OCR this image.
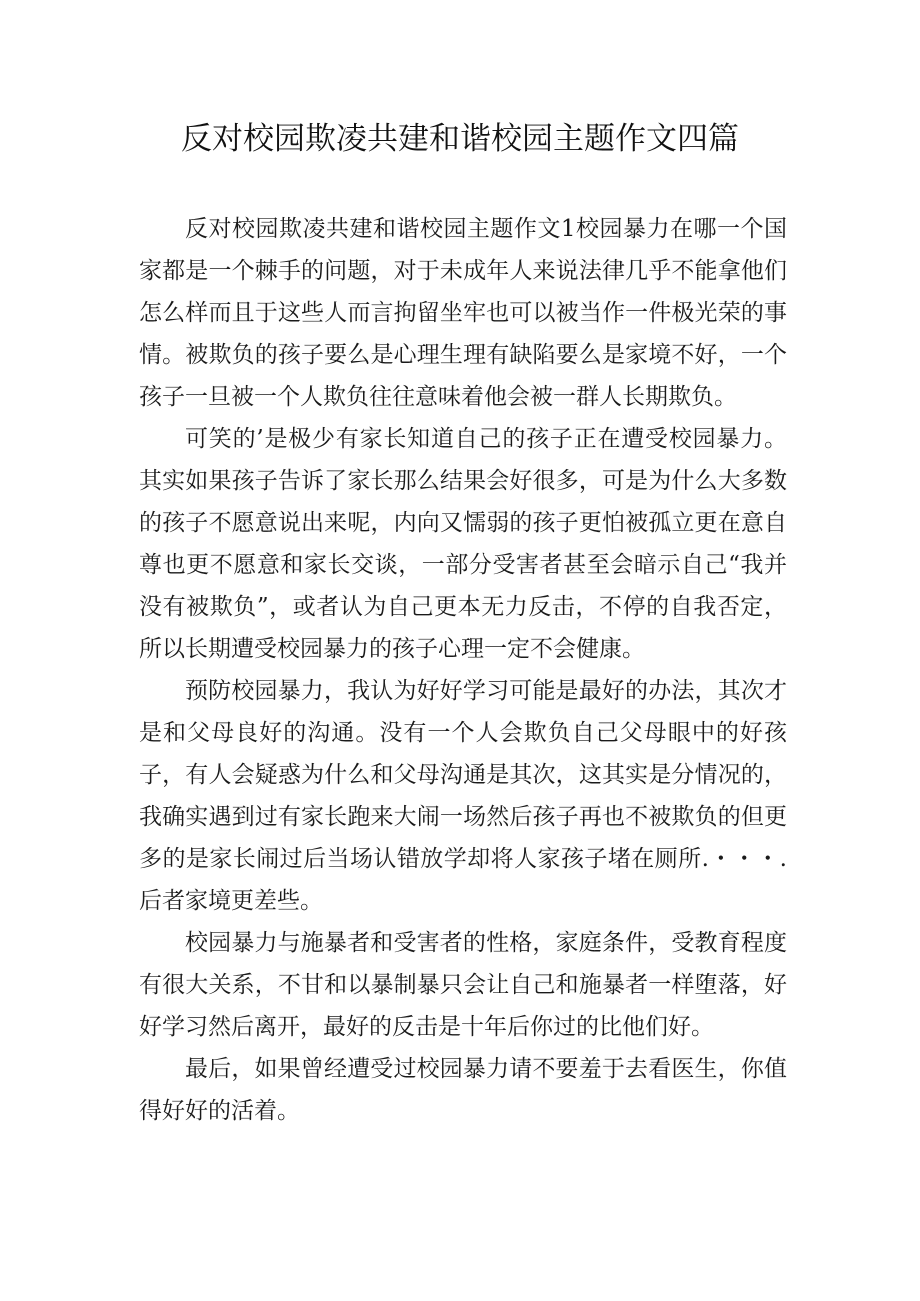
反对校园欺凌共建和谐校园主题作文四篇

反对校园欺凌共建和谐校园主题作文1校园暴力在哪一个国家都是一个棘手的问题，对于未成年人来说法律几乎不能拿他们怎么样而且于这些人而言拘留坐牢也可以被当作一件极光荣的事情。被欺负的孩子要么是心理生理有缺陷要么是家境不好，一个孩子一旦被一个人欺负往往意味着他会被一群人长期欺负。

可笑的’是极少有家长知道自己的孩子正在遭受校园暴力。其实如果孩子告诉了家长那么结果会好很多，可是为什么大多数的孩子不愿意说出来呢，内向又懦弱的孩子更怕被孤立更在意自尊也更不愿意和家长交谈，一部分受害者甚至会暗示自己“我并没有被欺负”，或者认为自己更本无力反击，不停的自我否定，所以长期遭受校园暴力的孩子心理一定不会健康。

预防校园暴力，我认为好好学习可能是最好的办法，其次才是和父母良好的沟通。没有一个人会欺负自己父母眼中的好孩子，有人会疑惑为什么和父母沟通是其次，这其实是分情况的，我确实遇到过有家长跑来大闹一场然后孩子再也不被欺负的但更多的是家长闹过后当场认错放学却将人家孩子堵在厕所.・・・.后者家境更差些。

校园暴力与施暴者和受害者的性格，家庭条件，受教育程度有很大关系，不甘和以暴制暴只会让自己和施暴者一样堕落，好好学习然后离开，最好的反击是十年后你过的比他们好。

最后，如果曾经遭受过校园暴力请不要羞于去看医生，你值得好好的活着。
